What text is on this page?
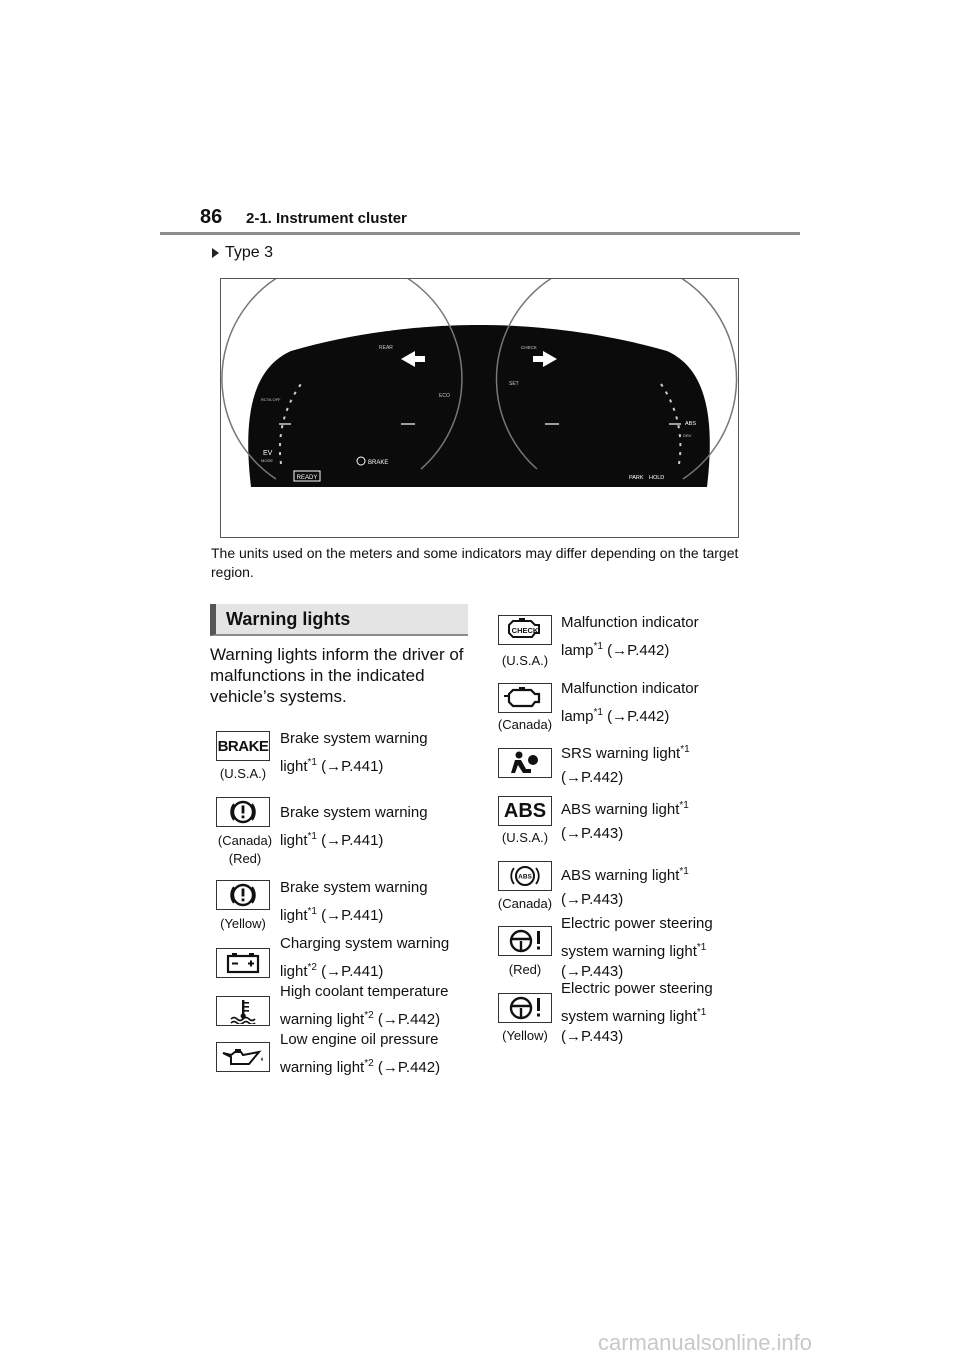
86 2-1. Instrument cluster
Type 3
READY
BRAKE
ECO
SET
REAR	CHECK
PARK HOLD
ABS
EV
MODE
RCTA OFF
DRV
The units used on the meters and some indicators may differ depending on the target region.
Warning lights
Warning lights inform the driver of malfunctions in the indicated vehicle’s systems.
BRAKE
(U.S.A.)
Brake system warning
light$^{*1}$ (→P.441)
(Canada)
(Red)
Brake system warning
light$^{*1}$ (→P.441)
(Yellow)
Brake system warning
light$^{*1}$ (→P.441)
Charging system warning
light$^{*2}$ (→P.441)
High coolant temperature
warning light$^{*2}$ (→P.442)
Low engine oil pressure
warning light$^{*2}$ (→P.442)
CHECK
(U.S.A.)
Malfunction indicator
lamp$^{*1}$ (→P.442)
(Canada)
Malfunction indicator
lamp$^{*1}$ (→P.442)
SRS warning light$^{*1}$
(→P.442)
ABS
(U.S.A.)
ABS warning light$^{*1}$
(→P.443)
ABS
(Canada)
ABS warning light$^{*1}$
(→P.443)
(Red)
Electric power steering
system warning light$^{*1}$
(→P.443)
(Yellow)
Electric power steering
system warning light$^{*1}$
(→P.443)
carmanualsonline.info
